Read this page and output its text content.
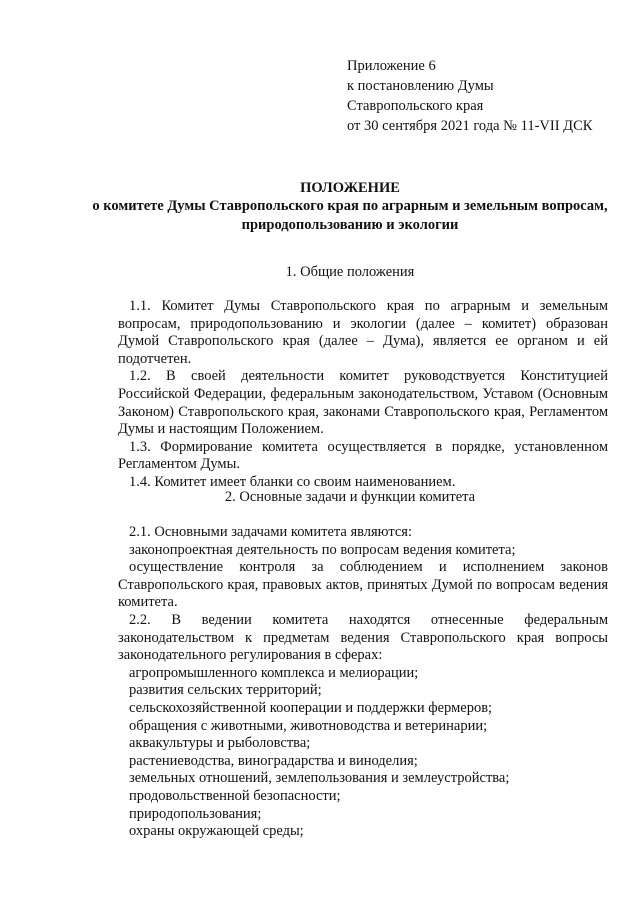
Приложение 6
к постановлению Думы
Ставропольского края
от 30 сентября 2021 года № 11-VII ДСК
ПОЛОЖЕНИЕ
о комитете Думы Ставропольского края по аграрным и земельным вопросам, природопользованию и экологии
1. Общие положения

1.1. Комитет Думы Ставропольского края по аграрным и земельным вопросам, природопользованию и экологии (далее – комитет) образован Думой Ставропольского края (далее – Дума), является ее органом и ей подотчетен.

1.2. В своей деятельности комитет руководствуется Конституцией Российской Федерации, федеральным законодательством, Уставом (Основным Законом) Ставропольского края, законами Ставропольского края, Регламентом Думы и настоящим Положением.

1.3. Формирование комитета осуществляется в порядке, установленном Регламентом Думы.

1.4. Комитет имеет бланки со своим наименованием.

2. Основные задачи и функции комитета

2.1. Основными задачами комитета являются:

законопроектная деятельность по вопросам ведения комитета;

осуществление контроля за соблюдением и исполнением законов Ставропольского края, правовых актов, принятых Думой по вопросам ведения комитета.

2.2. В ведении комитета находятся отнесенные федеральным законодательством к предметам ведения Ставропольского края вопросы законодательного регулирования в сферах:

агропромышленного комплекса и мелиорации;

развития сельских территорий;

сельскохозяйственной кооперации и поддержки фермеров;

обращения с животными, животноводства и ветеринарии;

аквакультуры и рыболовства;

растениеводства, виноградарства и виноделия;

земельных отношений, землепользования и землеустройства;

продовольственной безопасности;

природопользования;

охраны окружающей среды;
